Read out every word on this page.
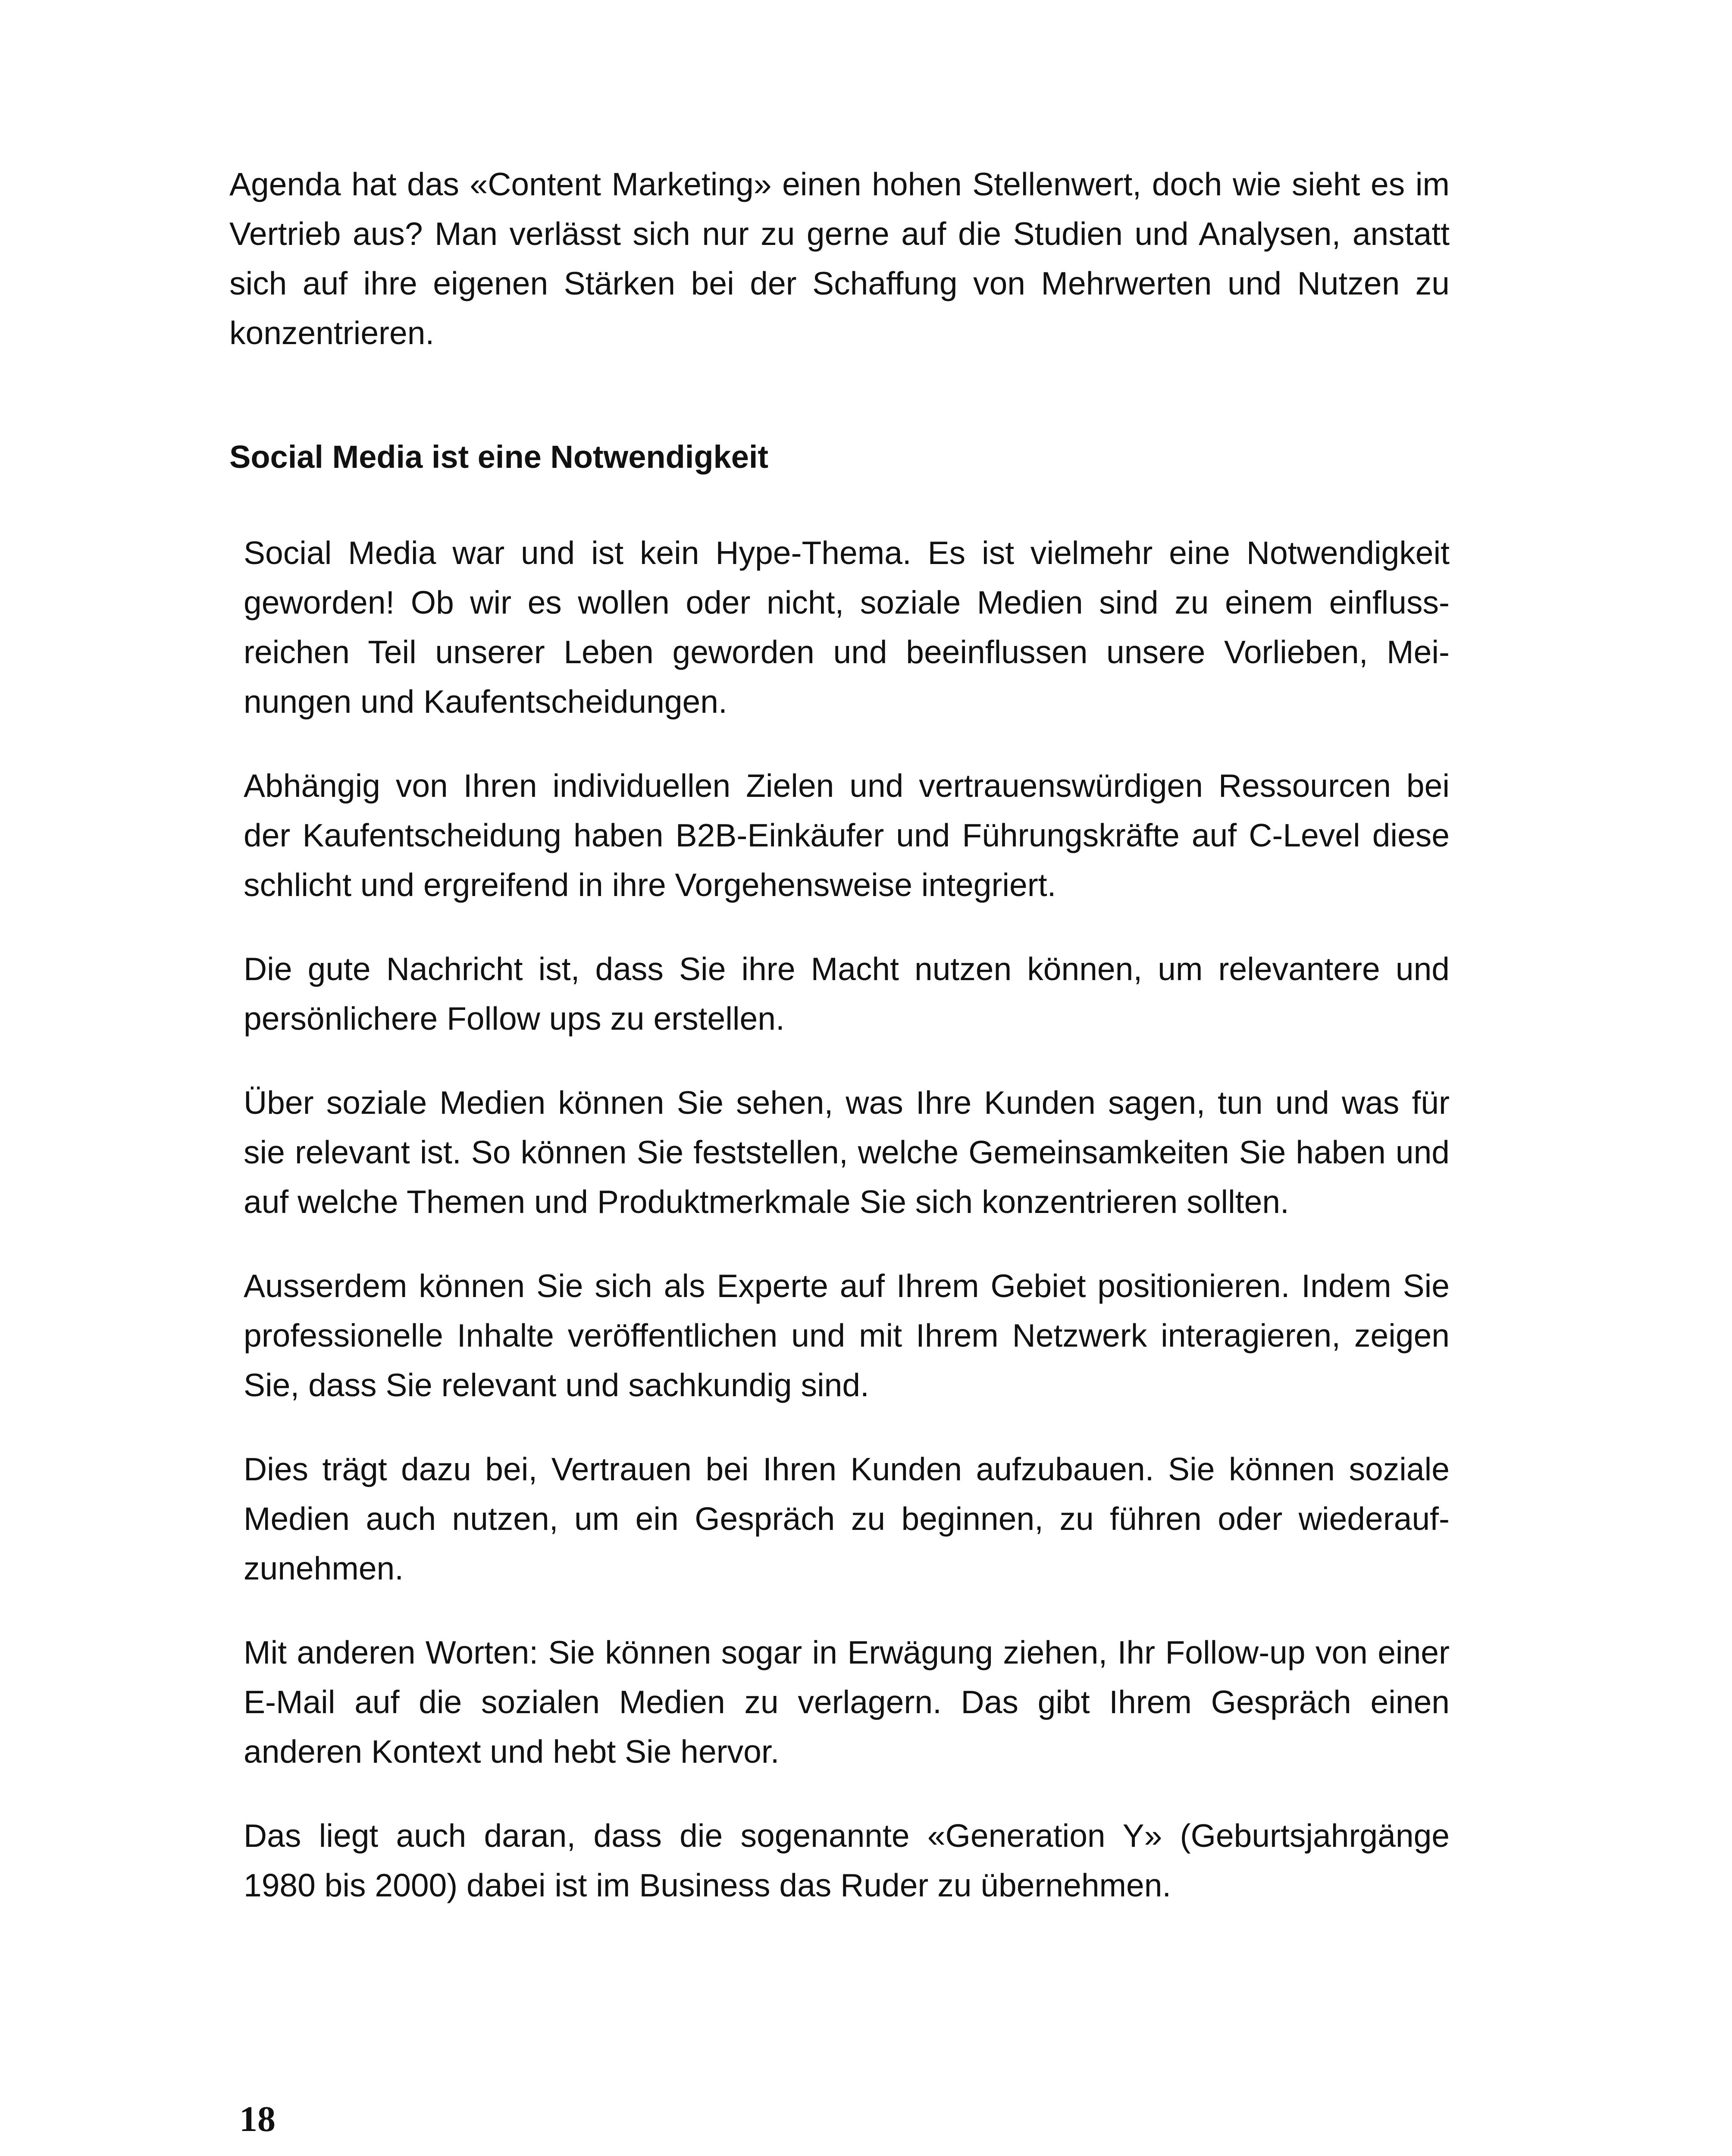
Agenda hat das «Content Marketing» einen hohen Stellenwert, doch wie sieht es im Vertrieb aus? Man verlässt sich nur zu gerne auf die Studien und Analysen, anstatt sich auf ihre eigenen Stärken bei der Schaffung von Mehrwerten und Nutzen zu konzentrieren.

Social Media ist eine Notwendigkeit

Social Media war und ist kein Hype-Thema. Es ist vielmehr eine Notwendigkeit geworden! Ob wir es wollen oder nicht, soziale Medien sind zu einem einflussreichen Teil unserer Leben geworden und beeinflussen unsere Vorlieben, Meinungen und Kaufentscheidungen.

Abhängig von Ihren individuellen Zielen und vertrauenswürdigen Ressourcen bei der Kaufentscheidung haben B2B-Einkäufer und Führungskräfte auf C-Level diese schlicht und ergreifend in ihre Vorgehensweise integriert.

Die gute Nachricht ist, dass Sie ihre Macht nutzen können, um relevantere und persönlichere Follow ups zu erstellen.

Über soziale Medien können Sie sehen, was Ihre Kunden sagen, tun und was für sie relevant ist. So können Sie feststellen, welche Gemeinsamkeiten Sie haben und auf welche Themen und Produktmerkmale Sie sich konzentrieren sollten.

Ausserdem können Sie sich als Experte auf Ihrem Gebiet positionieren. Indem Sie professionelle Inhalte veröffentlichen und mit Ihrem Netzwerk interagieren, zeigen Sie, dass Sie relevant und sachkundig sind.

Dies trägt dazu bei, Vertrauen bei Ihren Kunden aufzubauen. Sie können soziale Medien auch nutzen, um ein Gespräch zu beginnen, zu führen oder wiederaufzunehmen.

Mit anderen Worten: Sie können sogar in Erwägung ziehen, Ihr Follow-up von einer E-Mail auf die sozialen Medien zu verlagern. Das gibt Ihrem Gespräch einen anderen Kontext und hebt Sie hervor.

Das liegt auch daran, dass die sogenannte «Generation Y» (Geburtsjahrgänge 1980 bis 2000) dabei ist im Business das Ruder zu übernehmen.

18
